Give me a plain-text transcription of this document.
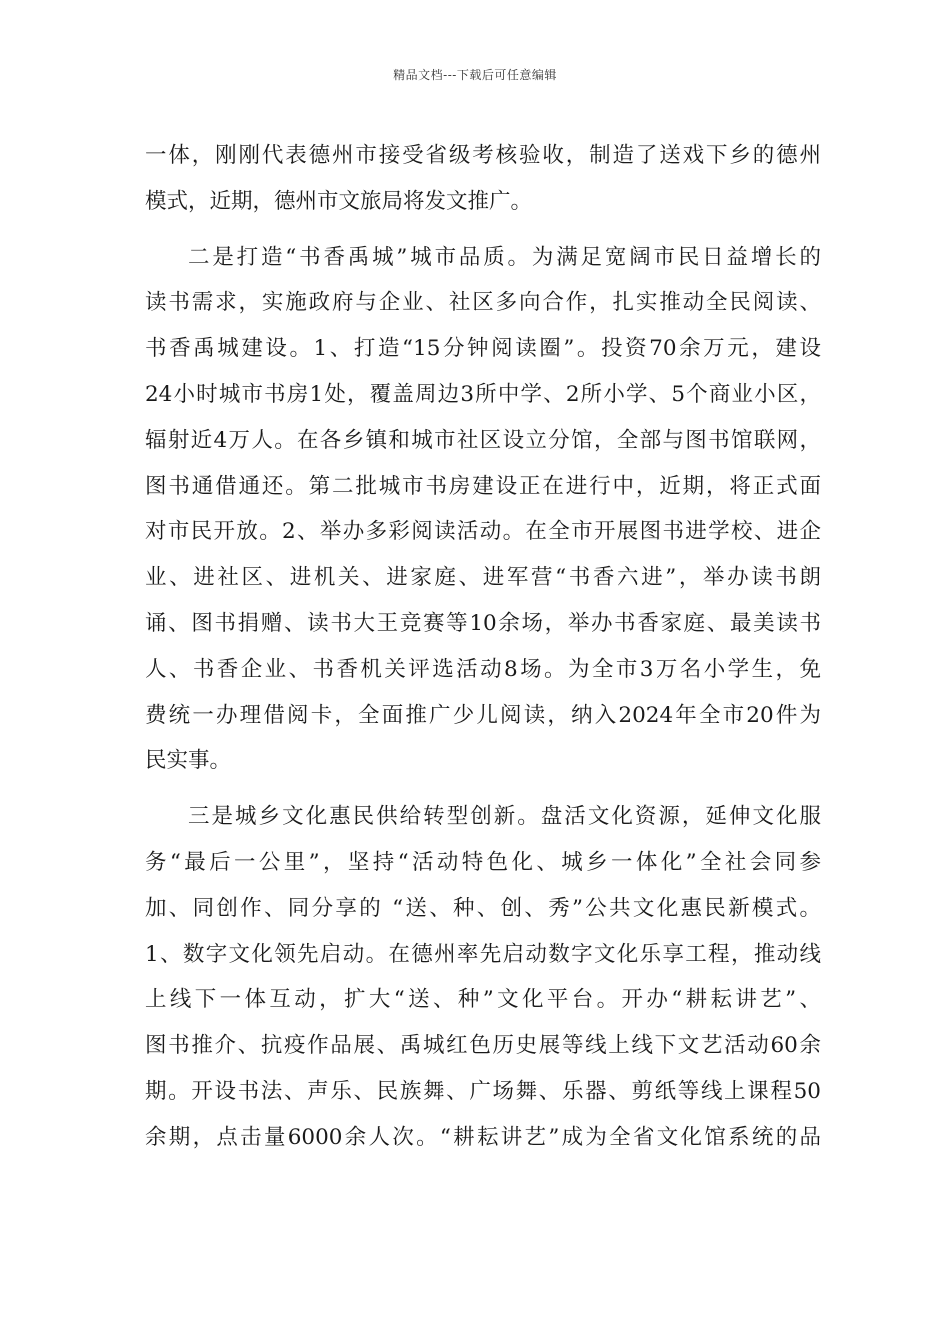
精品文档---下载后可任意编辑
一体，刚刚代表德州市接受省级考核验收，制造了送戏下乡的德州
模式，近期，德州市文旅局将发文推广。
二是打造“书香禹城”城市品质。为满足宽阔市民日益增长的
读书需求，实施政府与企业、社区多向合作，扎实推动全民阅读、
书香禹城建设。1、打造“15分钟阅读圈”。投资70余万元，建设
24小时城市书房1处，覆盖周边3所中学、2所小学、5个商业小区，
辐射近4万人。在各乡镇和城市社区设立分馆，全部与图书馆联网，
图书通借通还。第二批城市书房建设正在进行中，近期，将正式面
对市民开放。2、举办多彩阅读活动。在全市开展图书进学校、进企
业、进社区、进机关、进家庭、进军营“书香六进”，举办读书朗
诵、图书捐赠、读书大王竞赛等10余场，举办书香家庭、最美读书
人、书香企业、书香机关评选活动8场。为全市3万名小学生，免
费统一办理借阅卡，全面推广少儿阅读，纳入2024年全市20件为
民实事。
三是城乡文化惠民供给转型创新。盘活文化资源，延伸文化服
务“最后一公里”，坚持“活动特色化、城乡一体化”全社会同参
加、同创作、同分享的 “送、种、创、秀”公共文化惠民新模式。
1、数字文化领先启动。在德州率先启动数字文化乐享工程，推动线
上线下一体互动，扩大“送、种”文化平台。开办“耕耘讲艺”、
图书推介、抗疫作品展、禹城红色历史展等线上线下文艺活动60余
期。开设书法、声乐、民族舞、广场舞、乐器、剪纸等线上课程50
余期，点击量6000余人次。“耕耘讲艺”成为全省文化馆系统的品
